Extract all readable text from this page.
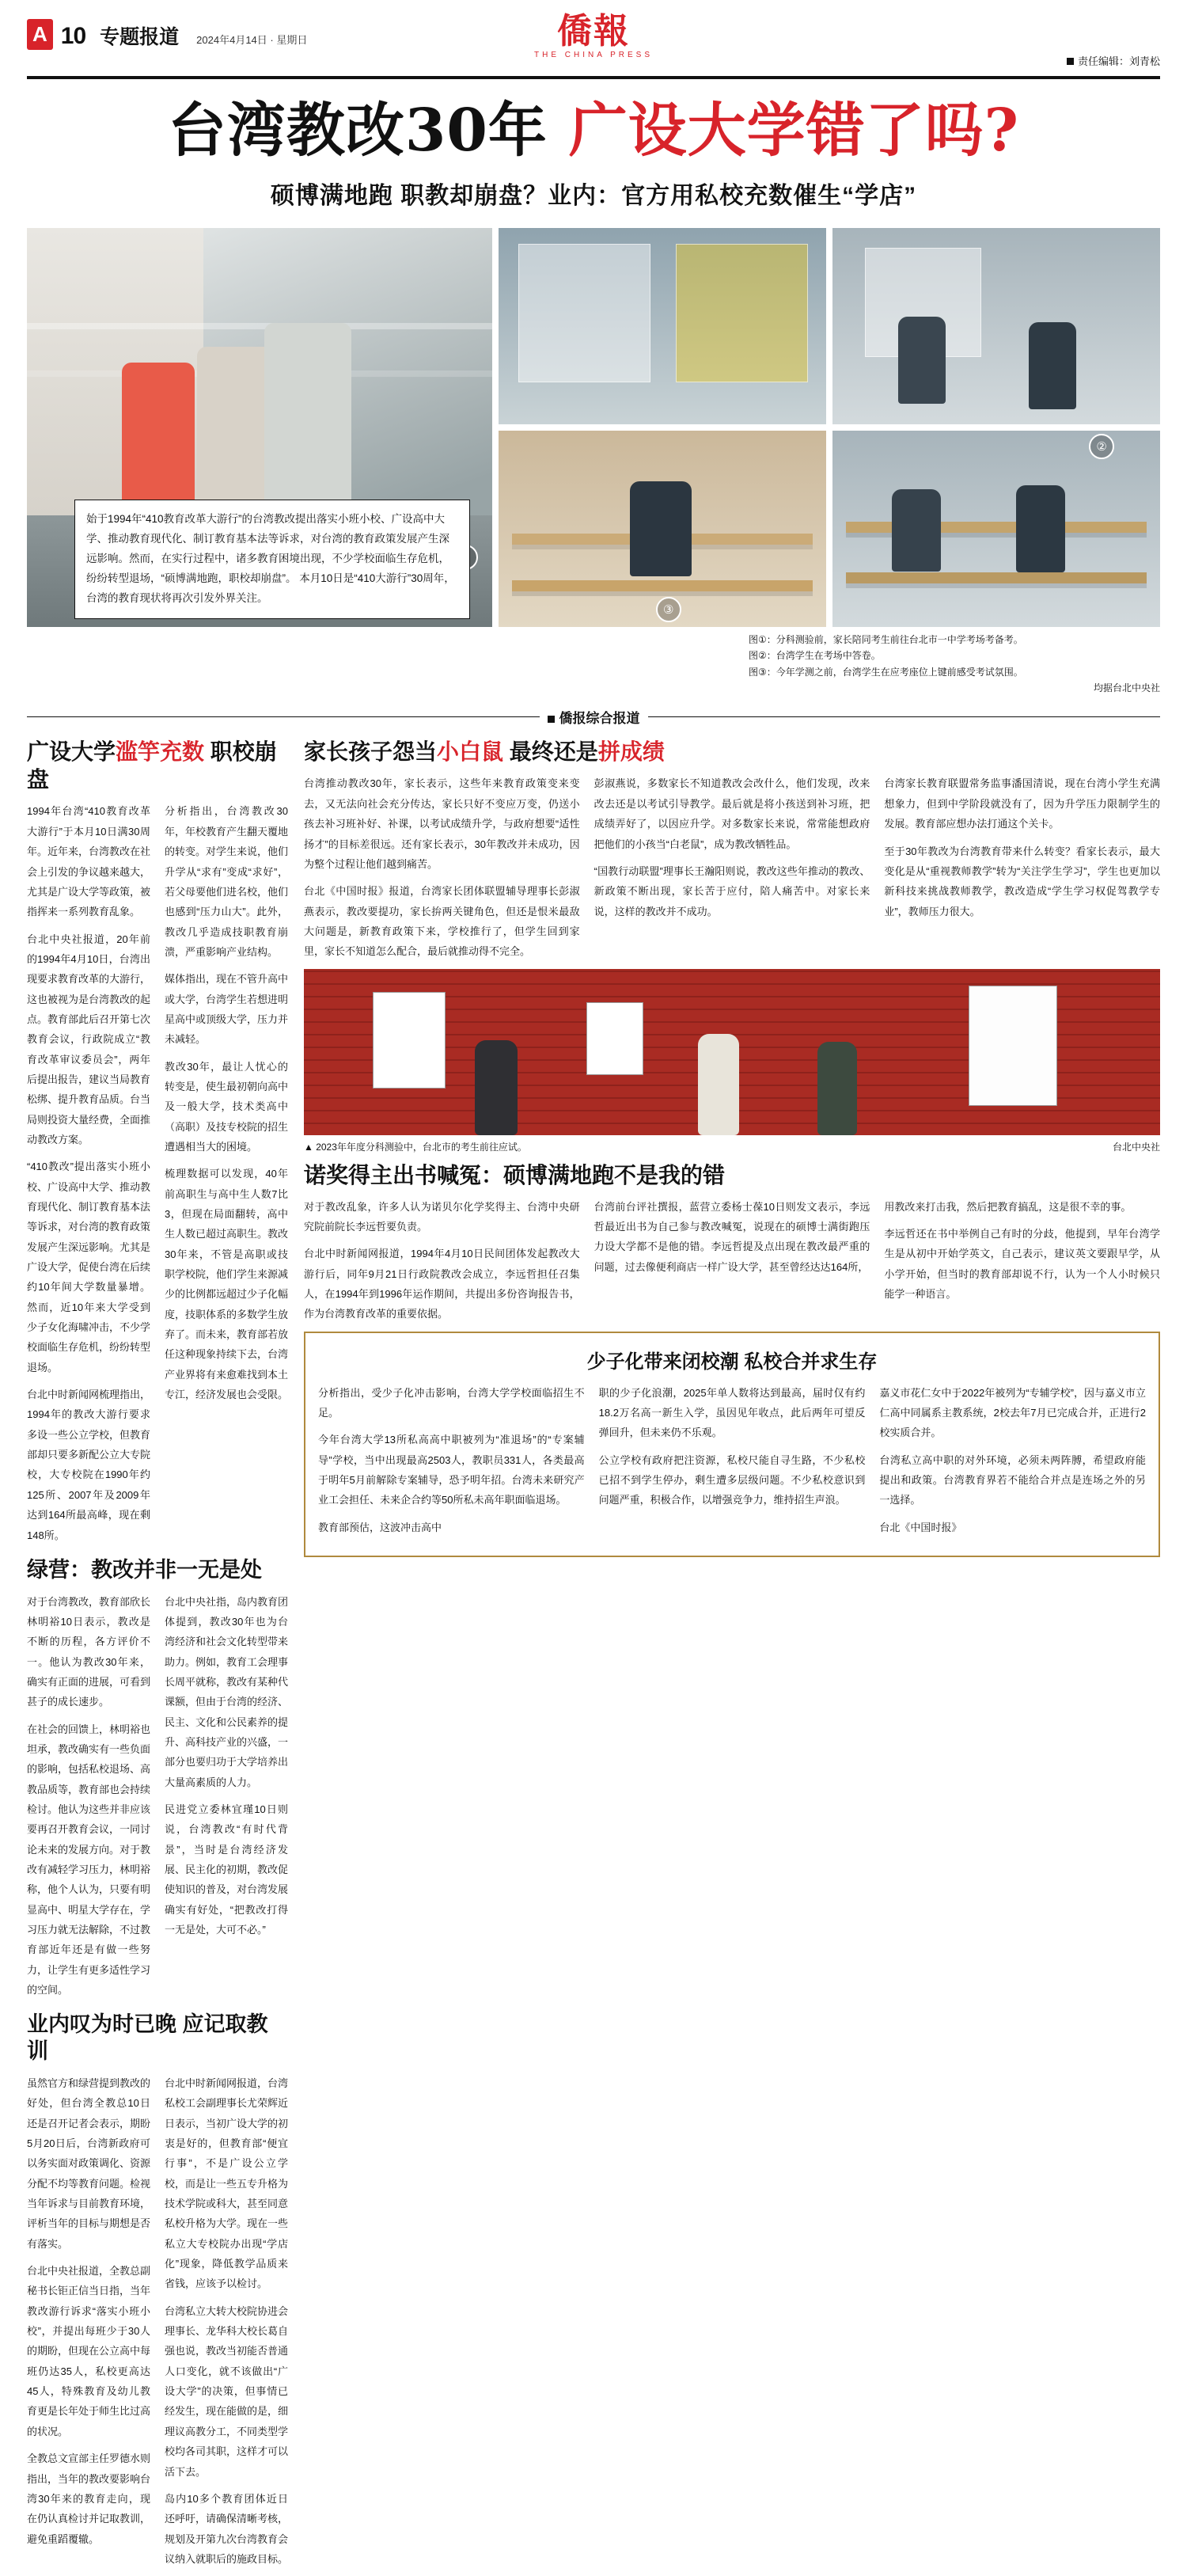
A 10 专题报道 2024年4月14日 · 星期日	僑報
THE CHINA PRESS
责任编辑：刘青松
台湾教改30年 广设大学错了吗?
硕博满地跑 职教却崩盘？业内：官方用私校充数催生“学店”
始于1994年“410教育改革大游行”的台湾教改提出落实小班小校、广设高中大学、推动教育现代化、制订教育基本法等诉求，对台湾的教育政策发展产生深远影响。然而，在实行过程中，诸多教育困境出现，不少学校面临生存危机，纷纷转型退场，“硕博满地跑，职校却崩盘”。 本月10日是“410大游行”30周年，台湾的教育现状将再次引发外界关注。
③
②
图①：分科测验前，家长陪同考生前往台北市一中学考场考备考。
图②：台湾学生在考场中答卷。
图③：今年学测之前，台湾学生在应考座位上键前感受考试氛围。
均据台北中央社
僑报综合报道
广设大学滥竽充数 职校崩盘

1994年台湾“410教育改革大游行”于本月10日满30周年。近年来，台湾教改在社会上引发的争议越来越大，尤其是广设大学等政策，被指挥来一系列教育乱象。

台北中央社报道，20年前的1994年4月10日，台湾出现要求教育改革的大游行，这也被视为是台湾教改的起点。教育部此后召开第七次教育会议，行政院成立“教育改革审议委员会”，两年后提出报告，建议当局教育松绑、提升教育品质。台当局则投资大量经费，全面推动教改方案。

“410教改”提出落实小班小校、广设高中大学、推动教育现代化、制订教育基本法等诉求，对台湾的教育政策发展产生深远影响。尤其是广设大学，促使台湾在后续约10年间大学数量暴增。然而，近10年来大学受到少子女化海啸冲击，不少学校面临生存危机，纷纷转型退场。

台北中时新闻网梳理指出，1994年的教改大游行要求多设一些公立学校，但教育部却只要多新配公立大专院校，大专校院在1990年约125所、2007年及2009年达到164所最高峰，现在剩148所。

分析指出，台湾教改30年，年校教育产生翻天覆地的转变。对学生来说，他们升学从“求有”变成“求好”，若父母要他们进名校，他们也感到“压力山大”。此外，教改几乎造成技职教育崩溃，严重影响产业结构。

媒体指出，现在不管升高中或大学，台湾学生若想进明星高中或顶级大学，压力并未减轻。

教改30年，最让人忧心的转变是，使生最初朝向高中及一般大学，技术类高中（高职）及技专校院的招生遭遇相当大的困境。

梳理数据可以发现，40年前高职生与高中生人数7比3，但现在局面翻转，高中生人数已超过高职生。教改30年来，不管是高职或技职学校院，他们学生来源减少的比例都远超过少子化幅度，技职体系的多数学生放弃了。而未来，教育部若放任这种现象持续下去，台湾产业界将有来愈难找到本土专江，经济发展也会受限。

绿营：教改并非一无是处

对于台湾教改，教育部欣长林明裕10日表示，教改是不断的历程，各方评价不一。他认为教改30年来，确实有正面的进展，可看到甚子的成长速步。

在社会的回馈上，林明裕也坦承，教改确实有一些负面的影响，包括私校退场、高教品质等，教育部也会持续检讨。他认为这些并非应该要再召开教育会议，一同讨论未来的发展方向。对于教改有减轻学习压力，林明裕称，他个人认为，只要有明显高中、明星大学存在，学习压力就无法解除，不过教育部近年还是有做一些努力，让学生有更多适性学习的空间。

台北中央社指，岛内教育团体提到，教改30年也为台湾经济和社会文化转型带来助力。例如，教育工会理事长周平就称，教改有某种代课额，但由于台湾的经济、民主、文化和公民素养的提升、高科技产业的兴盛，一部分也要归功于大学培养出大量高素质的人力。

民进党立委林宜瑾10日则说，台湾教改“有时代背景”，当时是台湾经济发展、民主化的初期，教改促使知识的普及，对台湾发展确实有好处，“把教改打得一无是处，大可不必。”

业内叹为时已晚 应记取教训

虽然官方和绿营提到教改的好处，但台湾全教总10日还是召开记者会表示，期盼5月20日后，台湾新政府可以务实面对政策调化、资源分配不均等教育问题。检视当年诉求与目前教育环境，评析当年的目标与期想是否有落实。

台北中央社报道，全教总副秘书长钜正信当日指，当年教改游行诉求“落实小班小校”，并提出每班少于30人的期盼，但现在公立高中每班仍达35人，私校更高达45人，特殊教育及幼儿教育更是长年处于师生比过高的状况。

全教总文宣部主任罗德水则指出，当年的教改要影响台湾30年来的教育走向，现在仍认真检讨并记取教训，避免重蹈覆辙。

台北中时新闻网报道，台湾私校工会副理事长尤荣辉近日表示，当初广设大学的初衷是好的，但教育部“便宜行事”，不是广设公立学校，而是让一些五专升格为技术学院或科大，甚至同意私校升格为大学。现在一些私立大专校院办出现“学店化”现象，降低教学品质来省钱，应该予以检讨。

台湾私立大转大校院协进会理事长、龙华科大校长葛自强也说，教改当初能否普通人口变化，就不该做出“广设大学”的决策，但事情已经发生，现在能做的是，细理议高教分工，不同类型学校均各司其职，这样才可以活下去。

岛内10多个教育团体近日还呼吁，请确保清晰考核，规划及开第九次台湾教育会议纳入就职后的施政目标。

家长孩子怨当小白鼠 最终还是拼成绩

台湾推动教改30年，家长表示，这些年来教育政策变来变去，又无法向社会充分传达，家长只好不变应万变，仍送小孩去补习班补好、补课，以考试成绩升学，与政府想要“适性扬才”的目标差很远。还有家长表示，30年教改并未成功，因为整个过程让他们越到痛苦。

台北《中国时报》报道，台湾家长团体联盟辅导理事长彭淑燕表示，教改要提功，家长拚两关键角色，但还是恨米最敌大问题是，新教育政策下来，学校推行了，但学生回到家里，家长不知道怎么配合，最后就推动得不完全。

彭淑燕说，多数家长不知道教改会改什么，他们发现，改来改去还是以考试引导教学。最后就是将小孩送到补习班，把成绩弄好了，以因应升学。对多数家长来说，常常能想政府把他们的小孩当“白老鼠”，成为教改牺牲品。

“国教行动联盟”理事长王瀚阳则说，教改这些年推动的教改、新政策不断出现，家长苦于应付，陪人痛苦中。对家长来说，这样的教改并不成功。

台湾家长教育联盟常务监事潘国清说，现在台湾小学生充满想象力，但到中学阶段就没有了，因为升学压力限制学生的发展。教育部应想办法打通这个关卡。

至于30年教改为台湾教育带来什么转变？看家长表示，最大变化是从“重视教师教学”转为“关注学生学习”，学生也更加以新科技来挑战教师教学，教改造成“学生学习权促驾教学专业”，教师压力很大。

▲ 2023年年度分科测验中，台北市的考生前往应试。	台北中央社
诺奖得主出书喊冤：硕博满地跑不是我的错

对于教改乱象，许多人认为诺贝尔化学奖得主、台湾中央研究院前院长李远哲要负责。

台北中时新闻网报道，1994年4月10日民间团体发起教改大游行后，同年9月21日行政院教改会成立，李远哲担任召集人，在1994年到1996年运作期间，共提出多份咨询报告书，作为台湾教育改革的重要依据。

台湾前台评社撰报，蓝营立委杨士葆10日则发文表示，李远哲最近出书为自己参与教改喊冤，说现在的硕博士满街跑压力设大学都不是他的错。李远哲提及点出现在教改最严重的问题，过去像便利商店一样广设大学，甚至曾经达达164所，

用教改来打击我，然后把教育搞乱，这是很不幸的事。

李远哲还在书中举例自己有时的分歧，他提到，早年台湾学生是从初中开始学英文，自己表示，建议英文要跟早学，从小学开始，但当时的教育部却说不行，认为一个人小时候只能学一种语言。

少子化带来闭校潮 私校合并求生存

分析指出，受少子化冲击影响，台湾大学学校面临招生不足。

今年台湾大学13所私高高中职被列为“准退场”的“专案辅导”学校，当中出现最高2503人，教职员331人，各类最高于明年5月前解除专案辅导，恐予明年招。台湾未来研究产业工会担任、未来企合约等50所私未高年职面临退场。

教育部预估，这波冲击高中

职的少子化浪潮，2025年单人数将达到最高，届时仅有约18.2万名高一新生入学，虽因见年收点，此后两年可望反弹回升，但未来仍不乐观。

公立学校有政府把注资源，私校尺能自寻生路，不少私校已招不到学生停办，剩生遭多层级问题。不少私校意识到问题严重，积极合作，以增强竞争力，维持招生声浪。

嘉义市花仁女中于2022年被列为“专辅学校”，因与嘉义市立仁高中同属系主教系统，2校去年7月已完成合并，正进行2校实质合并。

台湾私立高中职的对外环境，必须未两阵膊，希望政府能提出和政策。台湾教育界若不能给合并点是连场之外的另一选择。

台北《中国时报》
